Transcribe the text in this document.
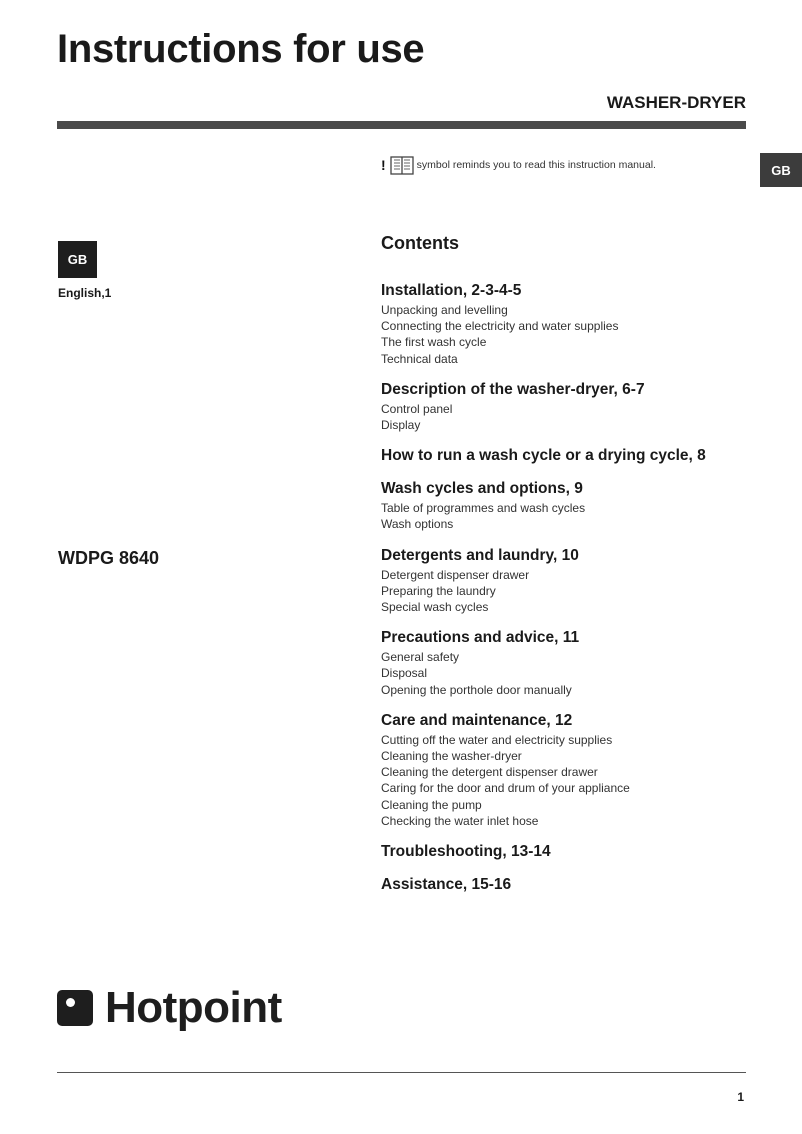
Instructions for use
WASHER-DRYER
GB
!	symbol reminds you to read this instruction manual.
GB
English,1
WDPG 8640
Contents
Installation, 2-3-4-5
Unpacking and levelling
Connecting the electricity and water supplies
The first wash cycle
Technical data
Description of the washer-dryer, 6-7
Control panel
Display
How to run a wash cycle or a drying cycle, 8
Wash cycles and options, 9
Table of programmes and wash cycles
Wash options
Detergents and laundry, 10
Detergent dispenser drawer
Preparing the laundry
Special wash cycles
Precautions and advice, 11
General safety
Disposal
Opening the porthole door manually
Care and maintenance, 12
Cutting off the water and electricity supplies
Cleaning the washer-dryer
Cleaning the detergent dispenser drawer
Caring for the door and drum of your appliance
Cleaning the pump
Checking the water inlet hose
Troubleshooting, 13-14
Assistance, 15-16
Hotpoint
1
